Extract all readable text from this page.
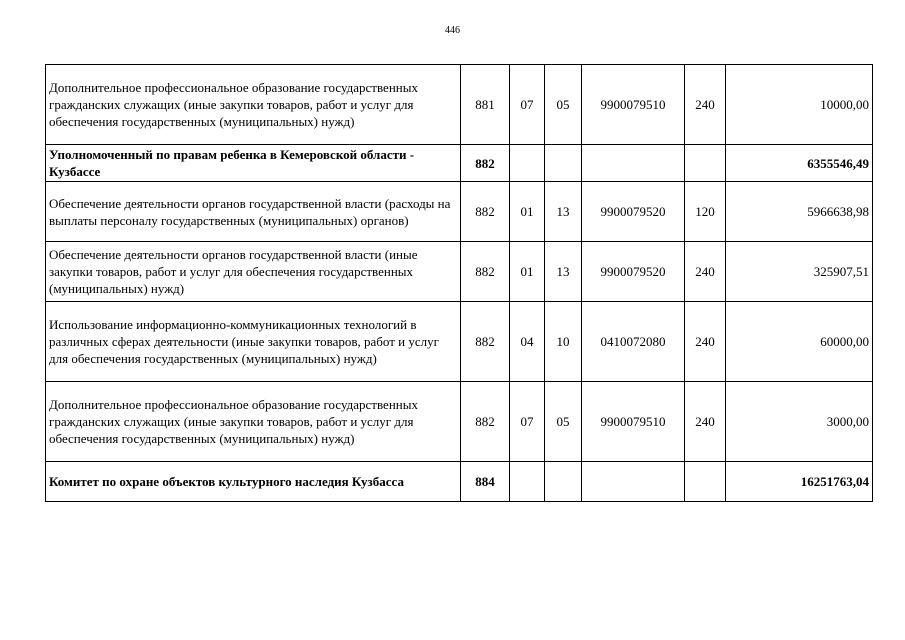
446
Дополнительное профессиональное образование государственных гражданских служащих (иные закупки товаров, работ и услуг для обеспечения государственных (муниципальных) нужд)	881	07	05	9900079510	240	10000,00
Уполномоченный по правам ребенка в Кемеровской области - Кузбассе	882					6355546,49
Обеспечение деятельности органов государственной власти (расходы на выплаты персоналу государственных (муниципальных) органов)	882	01	13	9900079520	120	5966638,98
Обеспечение деятельности органов государственной власти (иные закупки товаров, работ и услуг для обеспечения государственных (муниципальных) нужд)	882	01	13	9900079520	240	325907,51
Использование информационно-коммуникационных технологий в различных сферах деятельности (иные закупки товаров, работ и услуг для обеспечения государственных (муниципальных) нужд)	882	04	10	0410072080	240	60000,00
Дополнительное профессиональное образование государственных гражданских служащих (иные закупки товаров, работ и услуг для обеспечения государственных (муниципальных) нужд)	882	07	05	9900079510	240	3000,00
Комитет по охране объектов культурного наследия Кузбасса	884					16251763,04
